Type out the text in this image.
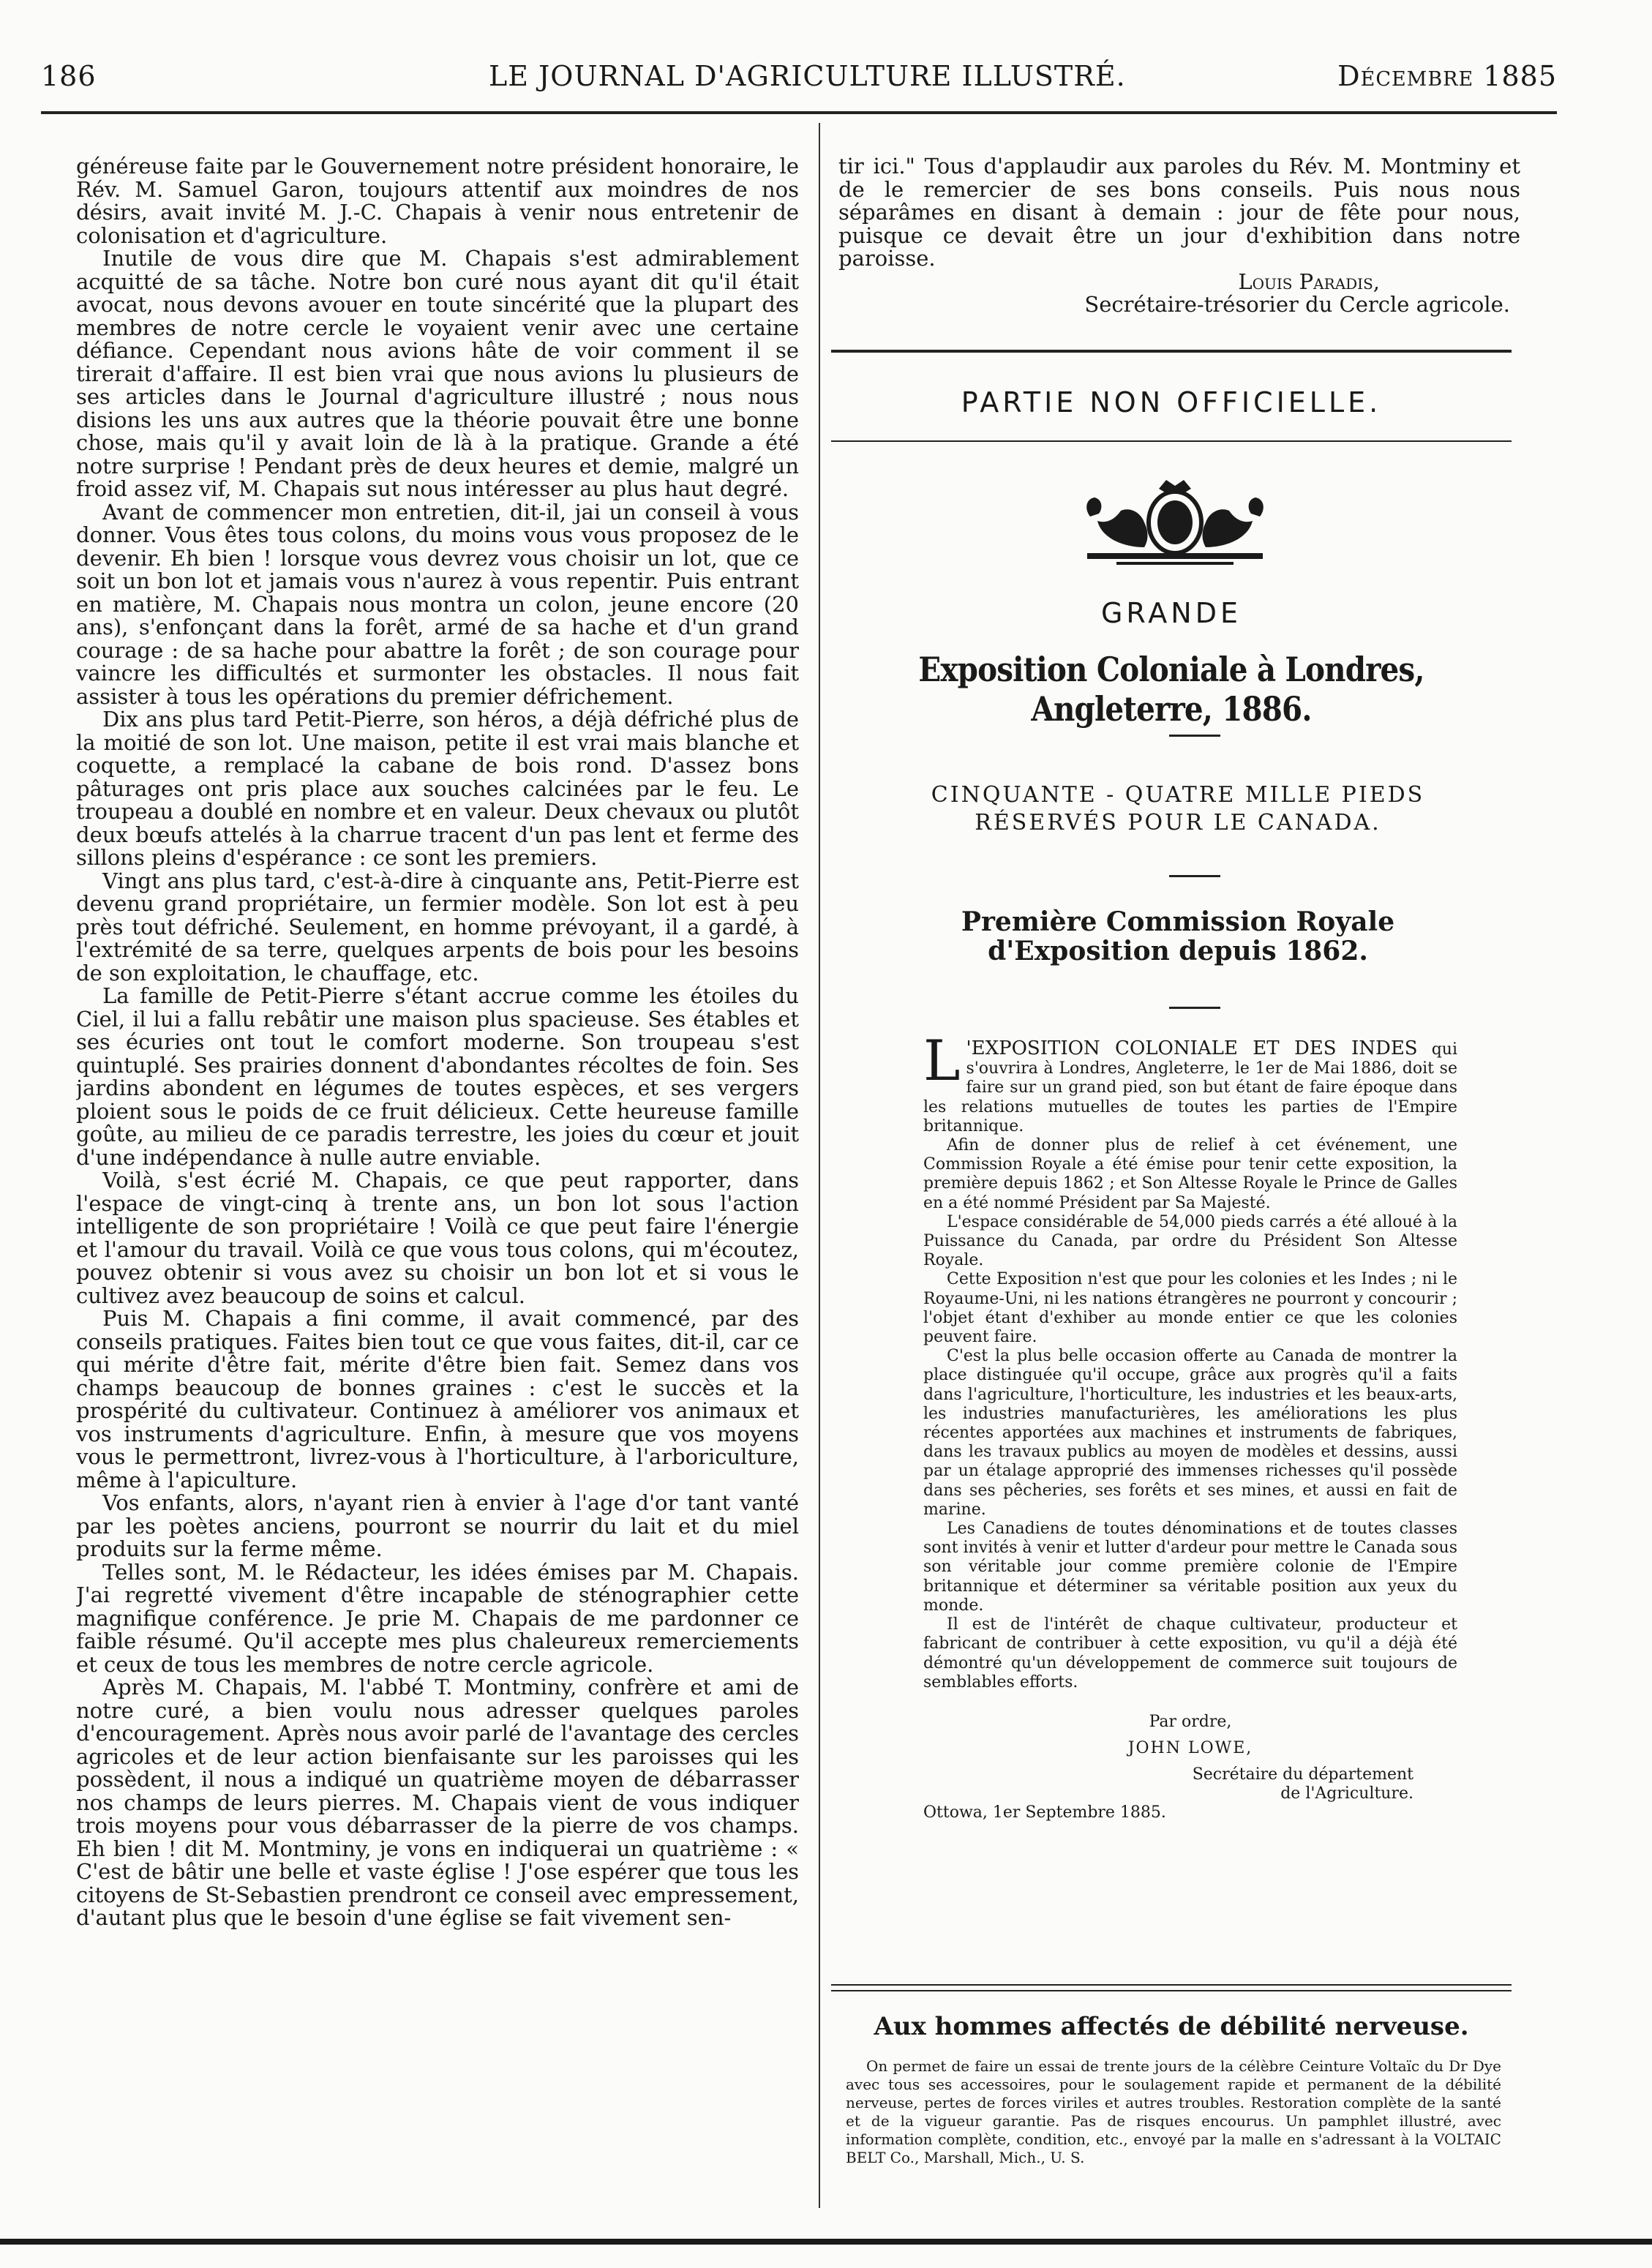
186	LE JOURNAL D'AGRICULTURE ILLUSTRÉ.	Décembre 1885

généreuse faite par le Gouvernement notre président honoraire, le Rév. M. Samuel Garon, toujours attentif aux moindres de nos désirs, avait invité M. J.-C. Chapais à venir nous entretenir de colonisation et d'agriculture.

Inutile de vous dire que M. Chapais s'est admirablement acquitté de sa tâche. Notre bon curé nous ayant dit qu'il était avocat, nous devons avouer en toute sincérité que la plupart des membres de notre cercle le voyaient venir avec une certaine défiance. Cependant nous avions hâte de voir comment il se tirerait d'affaire. Il est bien vrai que nous avions lu plusieurs de ses articles dans le Journal d'agriculture illustré ; nous nous disions les uns aux autres que la théorie pouvait être une bonne chose, mais qu'il y avait loin de là à la pratique. Grande a été notre surprise ! Pendant près de deux heures et demie, malgré un froid assez vif, M. Chapais sut nous intéresser au plus haut degré.

Avant de commencer mon entretien, dit-il, jai un conseil à vous donner. Vous êtes tous colons, du moins vous vous proposez de le devenir. Eh bien ! lorsque vous devrez vous choisir un lot, que ce soit un bon lot et jamais vous n'aurez à vous repentir. Puis entrant en matière, M. Chapais nous montra un colon, jeune encore (20 ans), s'enfonçant dans la forêt, armé de sa hache et d'un grand courage : de sa hache pour abattre la forêt ; de son courage pour vaincre les difficultés et surmonter les obstacles. Il nous fait assister à tous les opérations du premier défrichement.

Dix ans plus tard Petit-Pierre, son héros, a déjà défriché plus de la moitié de son lot. Une maison, petite il est vrai mais blanche et coquette, a remplacé la cabane de bois rond. D'assez bons pâturages ont pris place aux souches calcinées par le feu. Le troupeau a doublé en nombre et en valeur. Deux chevaux ou plutôt deux bœufs attelés à la charrue tracent d'un pas lent et ferme des sillons pleins d'espérance : ce sont les premiers.

Vingt ans plus tard, c'est-à-dire à cinquante ans, Petit-Pierre est devenu grand propriétaire, un fermier modèle. Son lot est à peu près tout défriché. Seulement, en homme prévoyant, il a gardé, à l'extrémité de sa terre, quelques arpents de bois pour les besoins de son exploitation, le chauffage, etc.

La famille de Petit-Pierre s'étant accrue comme les étoiles du Ciel, il lui a fallu rebâtir une maison plus spacieuse. Ses étables et ses écuries ont tout le comfort moderne. Son troupeau s'est quintuplé. Ses prairies donnent d'abondantes récoltes de foin. Ses jardins abondent en légumes de toutes espèces, et ses vergers ploient sous le poids de ce fruit délicieux. Cette heureuse famille goûte, au milieu de ce paradis terrestre, les joies du cœur et jouit d'une indépendance à nulle autre enviable.

Voilà, s'est écrié M. Chapais, ce que peut rapporter, dans l'espace de vingt-cinq à trente ans, un bon lot sous l'action intelligente de son propriétaire ! Voilà ce que peut faire l'énergie et l'amour du travail. Voilà ce que vous tous colons, qui m'écoutez, pouvez obtenir si vous avez su choisir un bon lot et si vous le cultivez avez beaucoup de soins et calcul.

Puis M. Chapais a fini comme, il avait commencé, par des conseils pratiques. Faites bien tout ce que vous faites, dit-il, car ce qui mérite d'être fait, mérite d'être bien fait. Semez dans vos champs beaucoup de bonnes graines : c'est le succès et la prospérité du cultivateur. Continuez à améliorer vos animaux et vos instruments d'agriculture. Enfin, à mesure que vos moyens vous le permettront, livrez-vous à l'horticulture, à l'arboriculture, même à l'apiculture.

Vos enfants, alors, n'ayant rien à envier à l'age d'or tant vanté par les poètes anciens, pourront se nourrir du lait et du miel produits sur la ferme même.

Telles sont, M. le Rédacteur, les idées émises par M. Chapais. J'ai regretté vivement d'être incapable de sténographier cette magnifique conférence. Je prie M. Chapais de me pardonner ce faible résumé. Qu'il accepte mes plus chaleureux remerciements et ceux de tous les membres de notre cercle agricole.

Après M. Chapais, M. l'abbé T. Montminy, confrère et ami de notre curé, a bien voulu nous adresser quelques paroles d'encouragement. Après nous avoir parlé de l'avantage des cercles agricoles et de leur action bienfaisante sur les paroisses qui les possèdent, il nous a indiqué un quatrième moyen de débarrasser nos champs de leurs pierres. M. Chapais vient de vous indiquer trois moyens pour vous débarrasser de la pierre de vos champs. Eh bien ! dit M. Montminy, je vons en indiquerai un quatrième : « C'est de bâtir une belle et vaste église ! J'ose espérer que tous les citoyens de St-Sebastien prendront ce conseil avec empressement, d'autant plus que le besoin d'une église se fait vivement sen-

tir ici." Tous d'applaudir aux paroles du Rév. M. Montminy et de le remercier de ses bons conseils. Puis nous nous séparâmes en disant à demain : jour de fête pour nous, puisque ce devait être un jour d'exhibition dans notre paroisse.

Louis Paradis,
Secrétaire-trésorier du Cercle agricole.
PARTIE NON OFFICIELLE.
GRANDE
Exposition Coloniale à Londres, Angleterre, 1886.
CINQUANTE - QUATRE MILLE PIEDS RÉSERVÉS POUR LE CANADA.
Première Commission Royale d'Exposition depuis 1862.

L 'EXPOSITION COLONIALE ET DES INDES qui s'ouvrira à Londres, Angleterre, le 1er de Mai 1886, doit se faire sur un grand pied, son but étant de faire époque dans les relations mutuelles de toutes les parties de l'Empire britannique.

Afin de donner plus de relief à cet événement, une Commission Royale a été émise pour tenir cette exposition, la première depuis 1862 ; et Son Altesse Royale le Prince de Galles en a été nommé Président par Sa Majesté.

L'espace considérable de 54,000 pieds carrés a été alloué à la Puissance du Canada, par ordre du Président Son Altesse Royale.

Cette Exposition n'est que pour les colonies et les Indes ; ni le Royaume-Uni, ni les nations étrangères ne pourront y concourir ; l'objet étant d'exhiber au monde entier ce que les colonies peuvent faire.

C'est la plus belle occasion offerte au Canada de montrer la place distinguée qu'il occupe, grâce aux progrès qu'il a faits dans l'agriculture, l'horticulture, les industries et les beaux-arts, les industries manufacturières, les améliorations les plus récentes apportées aux machines et instruments de fabriques, dans les travaux publics au moyen de modèles et dessins, aussi par un étalage approprié des immenses richesses qu'il possède dans ses pêcheries, ses forêts et ses mines, et aussi en fait de marine.

Les Canadiens de toutes dénominations et de toutes classes sont invités à venir et lutter d'ardeur pour mettre le Canada sous son véritable jour comme première colonie de l'Empire britannique et déterminer sa véritable position aux yeux du monde.

Il est de l'intérêt de chaque cultivateur, producteur et fabricant de contribuer à cette exposition, vu qu'il a déjà été démontré qu'un développement de commerce suit toujours de semblables efforts.

Par ordre,
JOHN LOWE,
Secrétaire du département
de l'Agriculture.

Ottowa, 1er Septembre 1885.

Aux hommes affectés de débilité nerveuse.

On permet de faire un essai de trente jours de la célèbre Ceinture Voltaïc du Dr Dye avec tous ses accessoires, pour le soulagement rapide et permanent de la débilité nerveuse, pertes de forces viriles et autres troubles. Restoration complète de la santé et de la vigueur garantie. Pas de risques encourus. Un pamphlet illustré, avec information complète, condition, etc., envoyé par la malle en s'adressant à la VOLTAIC BELT Co., Marshall, Mich., U. S.
